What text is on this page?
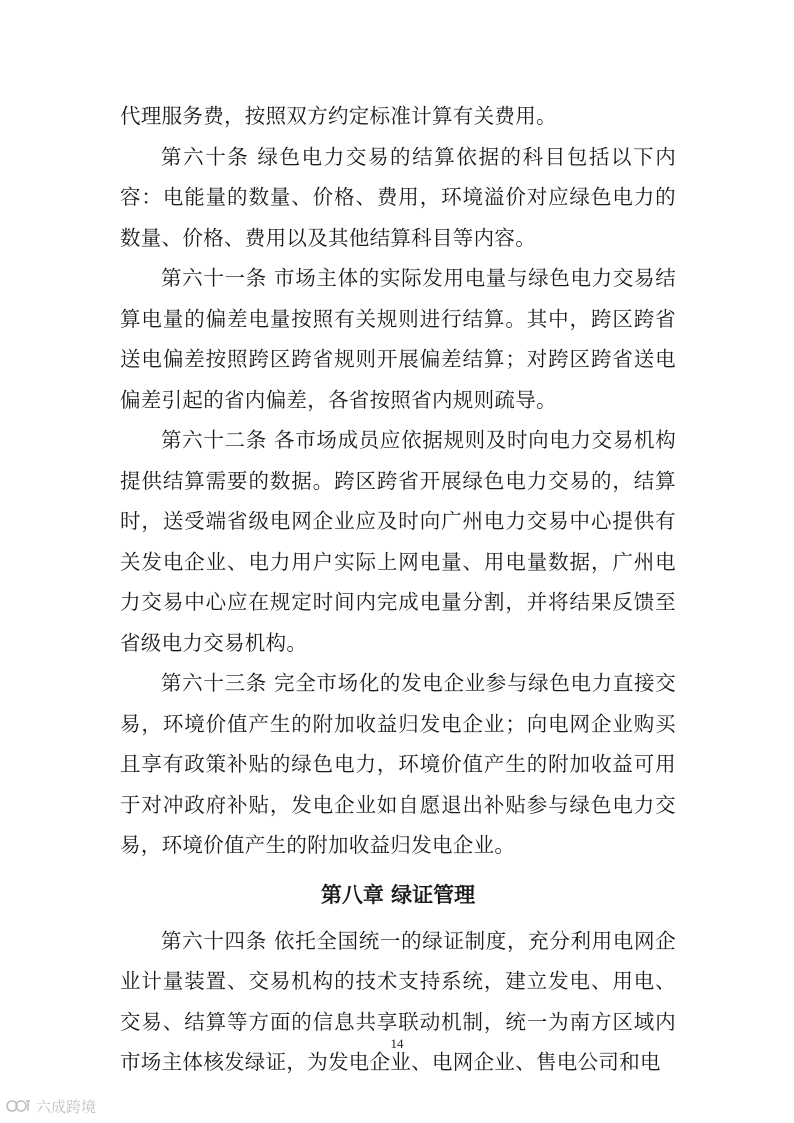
代理服务费，按照双方约定标准计算有关费用。

第六十条 绿色电力交易的结算依据的科目包括以下内容：电能量的数量、价格、费用，环境溢价对应绿色电力的数量、价格、费用以及其他结算科目等内容。

第六十一条 市场主体的实际发用电量与绿色电力交易结算电量的偏差电量按照有关规则进行结算。其中，跨区跨省送电偏差按照跨区跨省规则开展偏差结算；对跨区跨省送电偏差引起的省内偏差，各省按照省内规则疏导。

第六十二条 各市场成员应依据规则及时向电力交易机构提供结算需要的数据。跨区跨省开展绿色电力交易的，结算时，送受端省级电网企业应及时向广州电力交易中心提供有关发电企业、电力用户实际上网电量、用电量数据，广州电力交易中心应在规定时间内完成电量分割，并将结果反馈至省级电力交易机构。

第六十三条 完全市场化的发电企业参与绿色电力直接交易，环境价值产生的附加收益归发电企业；向电网企业购买且享有政策补贴的绿色电力，环境价值产生的附加收益可用于对冲政府补贴，发电企业如自愿退出补贴参与绿色电力交易，环境价值产生的附加收益归发电企业。

第八章 绿证管理

第六十四条 依托全国统一的绿证制度，充分利用电网企业计量装置、交易机构的技术支持系统，建立发电、用电、交易、结算等方面的信息共享联动机制，统一为南方区域内市场主体核发绿证，为发电企业、电网企业、售电公司和电

14
六成跨境
